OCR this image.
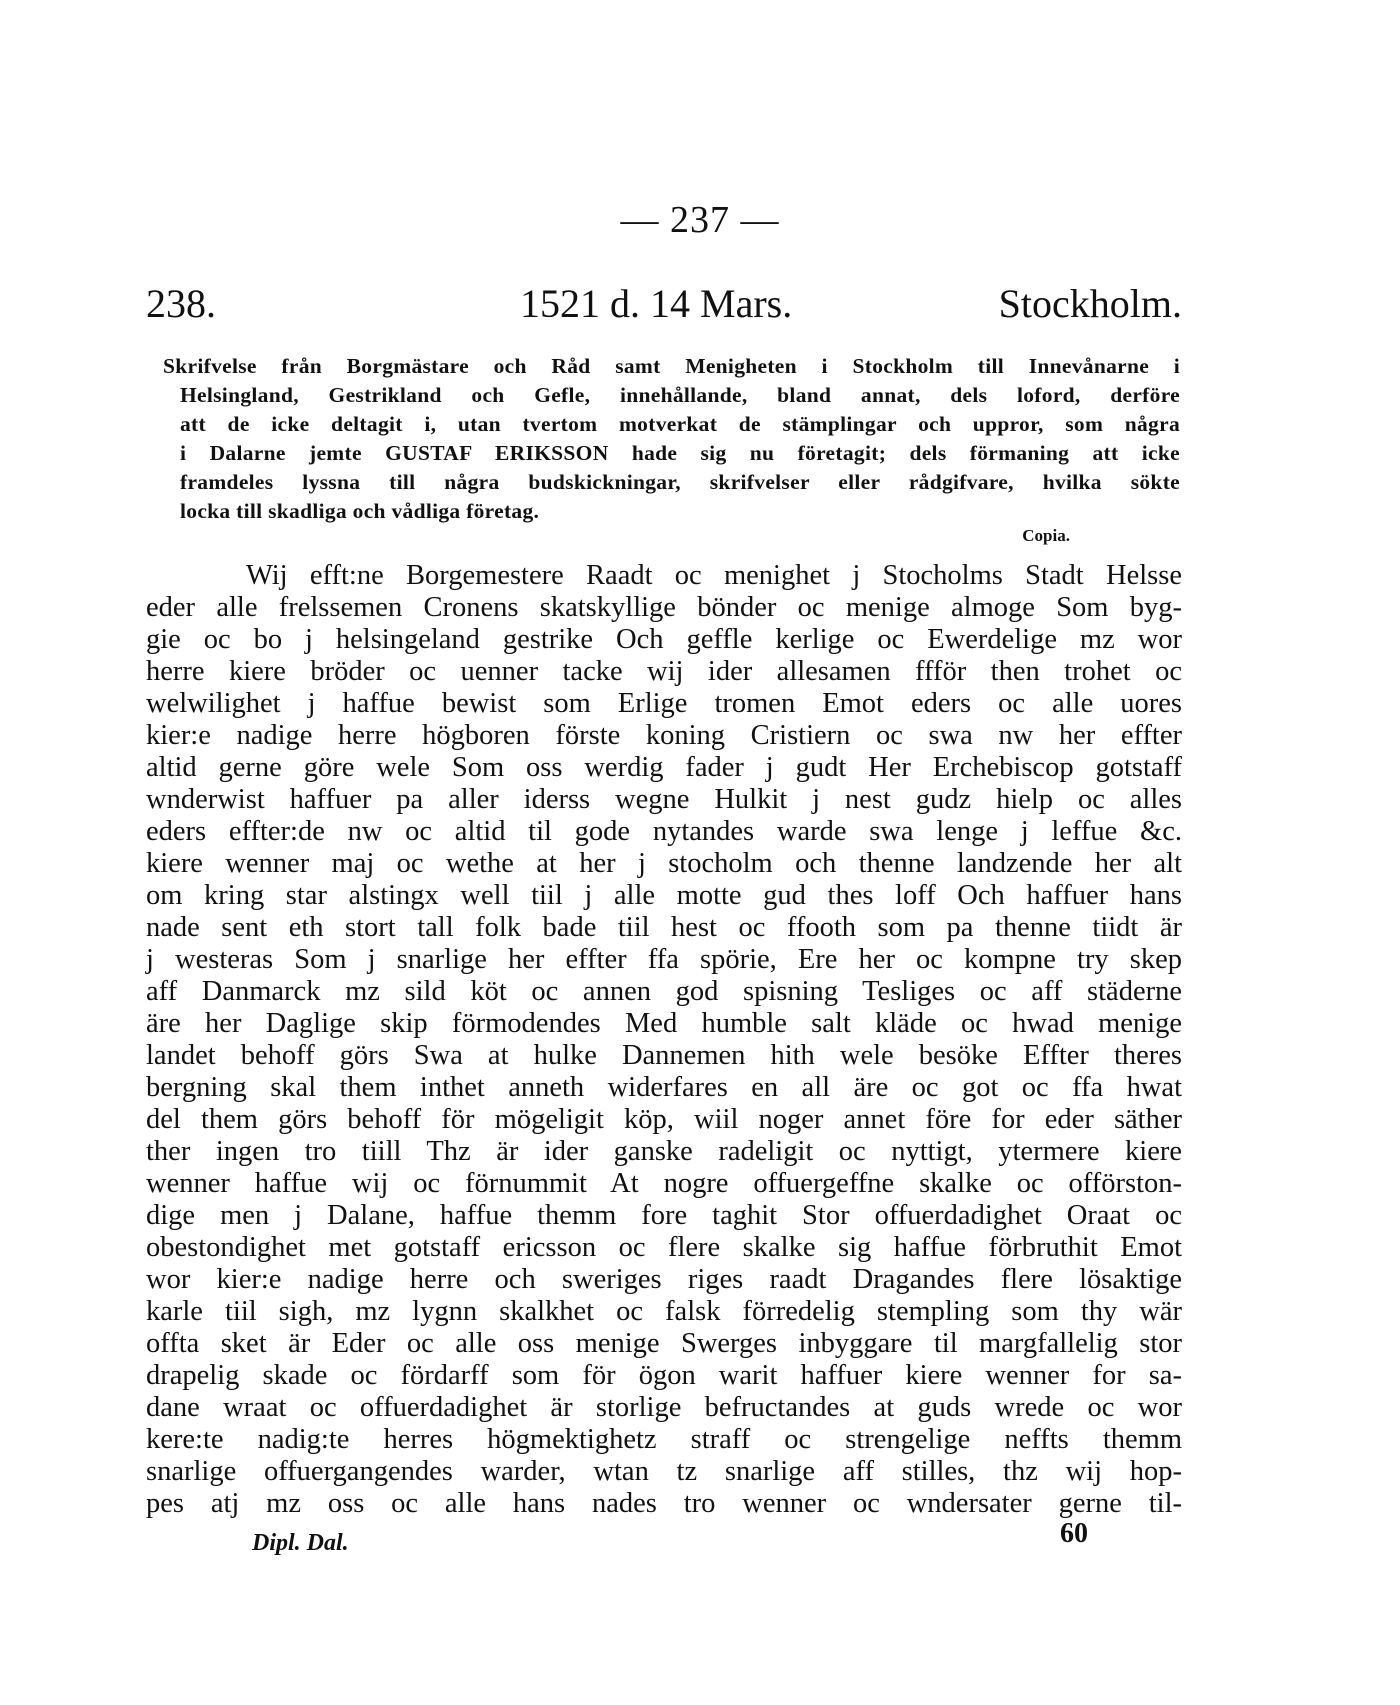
— 237 —
238.	1521 d. 14 Mars.	Stockholm.
Skrifvelse från Borgmästare och Råd samt Menigheten i Stockholm till Innevånarne i
Helsingland, Gestrikland och Gefle, innehållande, bland annat, dels loford, derföre
att de icke deltagit i, utan tvertom motverkat de stämplingar och uppror, som några
i Dalarne jemte GUSTAF ERIKSSON hade sig nu företagit; dels förmaning att icke
framdeles lyssna till några budskickningar, skrifvelser eller rådgifvare, hvilka sökte
locka till skadliga och vådliga företag.
Copia.
Wij efft:ne Borgemestere Raadt oc menighet j Stocholms Stadt Helsse
eder alle frelssemen Cronens skatskyllige bönder oc menige almoge Som byg-
gie oc bo j helsingeland gestrike Och geffle kerlige oc Ewerdelige mz wor
herre kiere bröder oc uenner tacke wij ider allesamen ffför then trohet oc
welwilighet j haffue bewist som Erlige tromen Emot eders oc alle uores
kier:e nadige herre högboren förste koning Cristiern oc swa nw her effter
altid gerne göre wele Som oss werdig fader j gudt Her Erchebiscop gotstaff
wnderwist haffuer pa aller iderss wegne Hulkit j nest gudz hielp oc alles
eders effter:de nw oc altid til gode nytandes warde swa lenge j leffue &c.
kiere wenner maj oc wethe at her j stocholm och thenne landzende her alt
om kring star alstingx well tiil j alle motte gud thes loff Och haffuer hans
nade sent eth stort tall folk bade tiil hest oc ffooth som pa thenne tiidt är
j westeras Som j snarlige her effter ffa spörie, Ere her oc kompne try skep
aff Danmarck mz sild köt oc annen god spisning Tesliges oc aff städerne
äre her Daglige skip förmodendes Med humble salt kläde oc hwad menige
landet behoff görs Swa at hulke Dannemen hith wele besöke Effter theres
bergning skal them inthet anneth widerfares en all äre oc got oc ffa hwat
del them görs behoff för mögeligit köp, wiil noger annet före for eder säther
ther ingen tro tiill Thz är ider ganske radeligit oc nyttigt, ytermere kiere
wenner haffue wij oc förnummit At nogre offuergeffne skalke oc offörston-
dige men j Dalane, haffue themm fore taghit Stor offuerdadighet Oraat oc
obestondighet met gotstaff ericsson oc flere skalke sig haffue förbruthit Emot
wor kier:e nadige herre och sweriges riges raadt Dragandes flere lösaktige
karle tiil sigh, mz lygnn skalkhet oc falsk förredelig stempling som thy wär
offta sket är Eder oc alle oss menige Swerges inbyggare til margfallelig stor
drapelig skade oc fördarff som för ögon warit haffuer kiere wenner for sa-
dane wraat oc offuerdadighet är storlige befructandes at guds wrede oc wor
kere:te nadig:te herres högmektighetz straff oc strengelige neffts themm
snarlige offuergangendes warder, wtan tz snarlige aff stilles, thz wij hop-
pes atj mz oss oc alle hans nades tro wenner oc wndersater gerne til-
Dipl. Dal.	60
